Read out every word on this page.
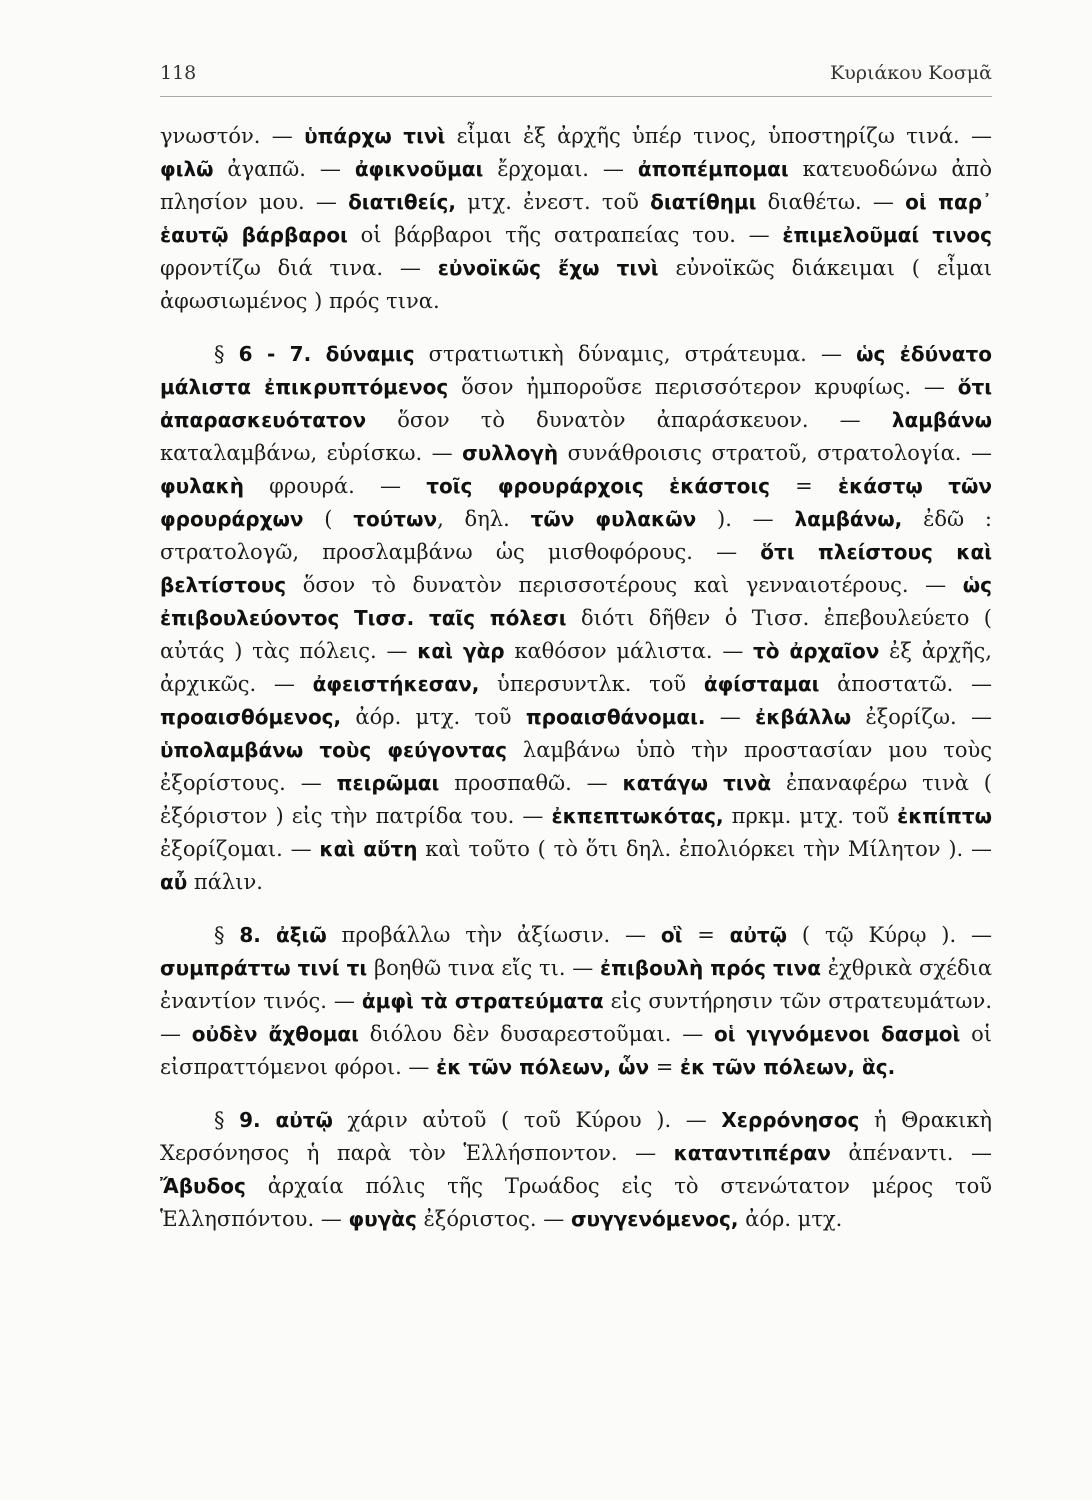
118	Κυριάκου Κοσμᾶ

γνωστόν. — ὑπάρχω τινὶ εἶμαι ἐξ ἀρχῆς ὑπέρ τινος, ὑποστηρίζω τινά. — φιλῶ ἀγαπῶ. — ἀφικνοῦμαι ἔρχομαι. — ἀποπέμπομαι κατευοδώνω ἀπὸ πλησίον μου. — διατιθείς, μτχ. ἐνεστ. τοῦ διατίθημι διαθέτω. — οἱ παρ᾽ ἑαυτῷ βάρβαροι οἱ βάρβαροι τῆς σατραπείας του. — ἐπιμελοῦμαί τινος φροντίζω διά τινα. — εὐνοϊκῶς ἔχω τινὶ εὐνοϊκῶς διάκειμαι ( εἶμαι ἀφωσιωμένος ) πρός τινα.

§ 6 - 7. δύναμις στρατιωτικὴ δύναμις, στράτευμα. — ὡς ἐδύνατο μάλιστα ἐπικρυπτόμενος ὅσον ἠμποροῦσε περισσότερον κρυφίως. — ὅτι ἀπαρασκευότατον ὅσον τὸ δυνατὸν ἀπαράσκευον. — λαμβάνω καταλαμβάνω, εὑρίσκω. — συλλογὴ συνάθροισις στρατοῦ, στρατολογία. — φυλακὴ φρουρά. — τοῖς φρουράρχοις ἑκάστοις = ἑκάστῳ τῶν φρουράρχων ( τούτων, δηλ. τῶν φυλακῶν ). — λαμβάνω, ἐδῶ : στρατολογῶ, προσλαμβάνω ὡς μισθοφόρους. — ὅτι πλείστους καὶ βελτίστους ὅσον τὸ δυνατὸν περισσοτέρους καὶ γενναιοτέρους. — ὡς ἐπιβουλεύοντος Τισσ. ταῖς πόλεσι διότι δῆθεν ὁ Τισσ. ἐπεβουλεύετο ( αὐτάς ) τὰς πόλεις. — καὶ γὰρ καθόσον μάλιστα. — τὸ ἀρχαῖον ἐξ ἀρχῆς, ἀρχικῶς. — ἀφειστήκεσαν, ὑπερσυντλκ. τοῦ ἀφίσταμαι ἀποστατῶ. — προαισθόμενος, ἀόρ. μτχ. τοῦ προαισθάνομαι. — ἐκβάλλω ἐξορίζω. — ὑπολαμβάνω τοὺς φεύγοντας λαμβάνω ὑπὸ τὴν προστασίαν μου τοὺς ἐξορίστους. — πειρῶμαι προσπαθῶ. — κατάγω τινὰ ἐπαναφέρω τινὰ ( ἐξόριστον ) εἰς τὴν πατρίδα του. — ἐκπεπτωκότας, πρκμ. μτχ. τοῦ ἐκπίπτω ἐξορίζομαι. — καὶ αὕτη καὶ τοῦτο ( τὸ ὅτι δηλ. ἐπολιόρκει τὴν Μίλητον ). — αὖ πάλιν.

§ 8. ἀξιῶ προβάλλω τὴν ἀξίωσιν. — οἳ = αὐτῷ ( τῷ Κύρῳ ). — συμπράττω τινί τι βοηθῶ τινα εἴς τι. — ἐπιβουλὴ πρός τινα ἐχθρικὰ σχέδια ἐναντίον τινός. — ἀμφὶ τὰ στρατεύματα εἰς συντήρησιν τῶν στρατευμάτων. — οὐδὲν ἄχθομαι διόλου δὲν δυσαρεστοῦμαι. — οἱ γιγνόμενοι δασμοὶ οἱ εἰσπραττόμενοι φόροι. — ἐκ τῶν πόλεων, ὧν = ἐκ τῶν πόλεων, ἃς.

§ 9. αὐτῷ χάριν αὐτοῦ ( τοῦ Κύρου ). — Χερρόνησος ἡ Θρακικὴ Χερσόνησος ἡ παρὰ τὸν Ἑλλήσποντον. — καταντιπέραν ἀπέναντι. — Ἄβυδος ἀρχαία πόλις τῆς Τρωάδος εἰς τὸ στενώτατον μέρος τοῦ Ἑλλησπόντου. — φυγὰς ἐξόριστος. — συγγενόμενος, ἀόρ. μτχ.
